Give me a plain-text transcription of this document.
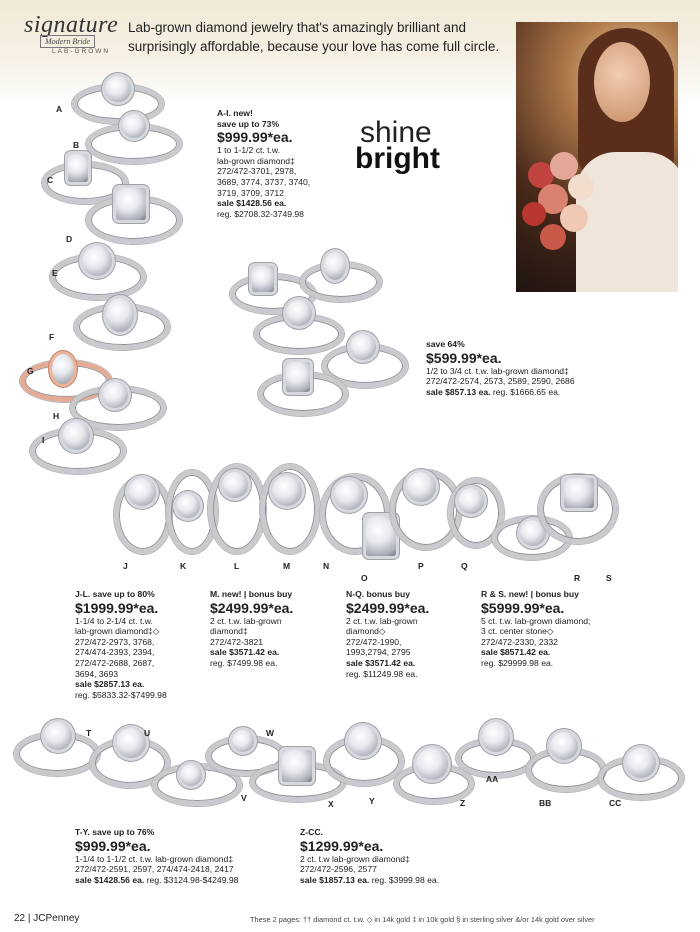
signature
Modern Bride
LAB-GROWN
Lab-grown diamond jewelry that's amazingly brilliant and surprisingly affordable, because your love has come full circle.
shine
bright
A
B
C
D
E
F
G
H
I
A-I. new!
save up to 73%
$999.99*ea.
1 to 1-1/2 ct. t.w.
lab-grown diamond‡
272/472-3701, 2978,
3689, 3774, 3737, 3740,
3719, 3709, 3712
sale $1428.56 ea.
reg. $2708.32-3749.98
save 64%
$599.99*ea.
1/2 to 3/4 ct. t.w. lab-grown diamond‡
272/472-2574, 2573, 2589, 2590, 2686
sale $857.13 ea. reg. $1666.65 ea.
J	K	L	M	N
O
P	Q
R	S
J-L. save up to 80%
$1999.99*ea.
1-1/4 to 2-1/4 ct. t.w.
lab-grown diamond‡◇
272/472-2973, 3768,
274/474-2393, 2394,
272/472-2688, 2687,
3694, 3693
sale $2857.13 ea.
reg. $5833.32-$7499.98
M. new! | bonus buy
$2499.99*ea.
2 ct. t.w. lab-grown
diamond‡
272/472-3821
sale $3571.42 ea.
reg. $7499.98 ea.
N-Q. bonus buy
$2499.99*ea.
2 ct. t.w. lab-grown
diamond◇
272/472-1990,
1993,2794, 2795
sale $3571.42 ea.
reg. $11249.98 ea.
R & S. new! | bonus buy
$5999.99*ea.
5 ct. t.w. lab-grown diamond;
3 ct. center stone◇
272/472-2330, 2332
sale $8571.42 ea.
reg. $29999.98 ea.
T	U
V
W
X	Y	Z
AA
BB	CC
T-Y. save up to 76%
$999.99*ea.
1-1/4 to 1-1/2 ct. t.w. lab-grown diamond‡
272/472-2591, 2597, 274/474-2418, 2417
sale $1428.56 ea. reg. $3124.98-$4249.98
Z-CC.
$1299.99*ea.
2 ct. t.w lab-grown diamond‡
272/472-2596, 2577
sale $1857.13 ea. reg. $3999.98 ea.
22 | JCPenney	These 2 pages: †† diamond ct. t.w. ◇ in 14k gold ‡ in 10k gold § in sterling silver &/or 14k gold over silver
